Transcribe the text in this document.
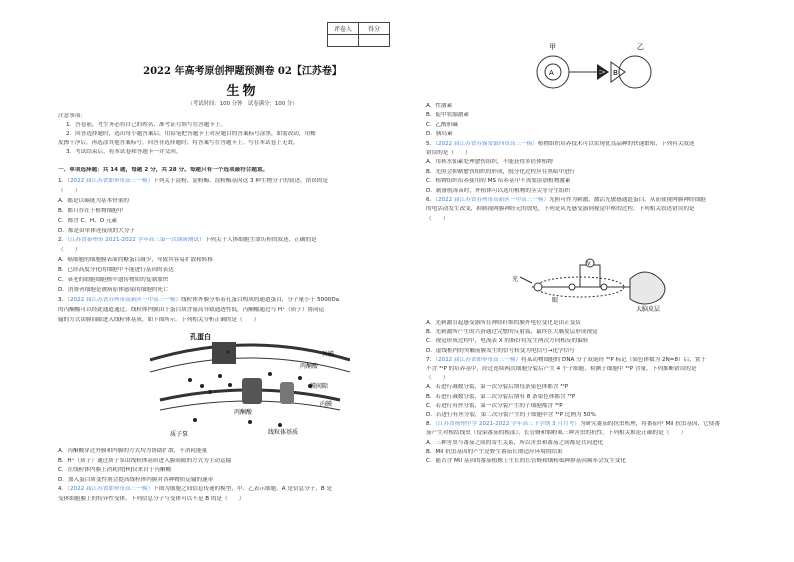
评卷人	得分

2022 年高考原创押题预测卷 02【江苏卷】
生物
（考试时间：100 分钟　试卷满分：100 分）
注意事项：
1．答卷前，考生务必将自己的姓名、准考证号填写在答题卡上。
2．回答选择题时，选出每小题答案后，用铅笔把答题卡上对应题目的答案标号涂黑。如需改动，用橡
皮擦干净后，再选涂其他答案标号。回答非选择题时，将答案写在答题卡上。写在本试卷上无效。
3．考试结束后，将本试卷和答题卡一并交回。
一、单项选择题：共 14 题，每题 2 分，共 28 分。每题只有一个选项最符合题意。
1．（2022 届江苏省如皋市高三一模）下列关于淀粉、淀粉酶、淀粉酶基因这 3 种生物分子的叙述，错误的是
（　　）
A．都是以碳链为基本骨架的
B．都只存在于植物细胞中
C．都含 C、H、O 元素
D．都是由单体连接成的大分子
2．（江苏省泰州市 2021-2022 学年高三第一次调研测试）下列关于人体细胞生命历程的叙述，正确的是
（　　）
A．癌细胞的细胞膜表面的糖蛋白减少，导致其容易扩散和转移
B．已经高度分化的细胞中不能进行基因的表达
C．衰老的细胞细胞核中遗传物质的复制加快
D．消费者细胞是被病原体感染的细胞的死亡
3．（2022 届江苏省苏州市高新区一中高三一模）线粒体外膜分布着孔蛋白构成的通道蛋白，分子量小于 5000Da
的丙酮酸可以经此通道通过。线粒体内膜由于蛋白质含量高导致通透性低，丙酮酸通过与 H⁺（质子）协同运
输的方式由膜间隙进入线粒体基质，如下图所示。下列相关分析正确的是（　　）
孔蛋白
外膜
丙酮酸
膜间隙
内膜
质子泵
丙酮酸
线粒体基质
A．丙酮酸穿过外膜和内膜的方式均为协助扩散，不消耗能量
B．H⁺（质子）通过质子泵由线粒体基质进入膜间隙的方式为主动运输
C．在线粒体内膜上消耗的[H]仅来自于丙酮酸
D．加入蛋白质变性剂会提高线粒体内膜对各种物质运输的速率
4．（2022 届江苏省如皋市高三一模）下图为细胞之间信息传递的模型，甲、乙表示细胞，A 是信息分子，B 是
受体细胞膜上的特异性受体。下列信息分子与受体可以不是 B 的是（　　）
甲	乙
A	B
A．性激素
B．促甲状腺激素
C．乙酰胆碱
D．胰岛素
5．（2022 届江苏省苏锡常镇四市高三一模）植物组织培养技术可以实现优良品种的快速繁殖，下列有关叙述
错误的是（　　）
A．用秋水仙素处理愈伤组织，不能获得多倍体植物
B．光照会抑制愈伤组织的形成，脱分化过程应在黑暗中进行
C．植物组织培养使用的 MS 培养基中不需要添加植物激素
D．制备脱毒苗时，外植体可以选用植物的茎尖等分生组织
6．（2022 届江苏省苏州市高新区一中高三一模）光照可作为刺激，激活光敏感通道蛋白。从而使视网膜神经细胞
的电活动发生改变，抑制视网膜神经元的放电。下列是从光感受器到视觉中枢的过程，下列相关叙述错误的是
（　　）
光
眼
V
大脑皮层
A．光刺激引起感受器所在神经纤维的膜外电位变化是由正变负
B．光刺激所产生的兴奋通过完整的反射弧，最终在大脑皮层形成视觉
C．视觉形成过程中，电流表 X 的指针将发生两次方向相反的偏转
D．虚线框内的突触前膜发生的信号转变为电信号→化学信号
7．（2022 届江苏省如皋市高三一模）将某动物细胞的 DNA 分子双链经 ³²P 标记（染色体数为 2N=8）后，置于
不含 ³²P 的培养基中，经过连续两次细胞分裂后产生 4 个子细胞，检测子细胞中 ³²P 含量。下列推断错误的是
（　　）
A．若进行减数分裂，第一次分裂后期每条染色体都含 ³²P
B．若进行减数分裂，第二次分裂后期有 8 条染色体都含 ³²P
C．若进行有丝分裂，第一次分裂产生的子细胞都含 ³²P
D．若进行有丝分裂，第二次分裂产生的子细胞中含 ³²P 比例为 50%
8．（江苏省扬州中学 2021-2022 学年高三下学期 3 月月考）为研究番茄的抗虫机理，将番茄中 Mil 抗虫基因，它使番
茄产生对根结线虫（侵染番茄的根部）、长管蚜和烟粉虱三种害虫的抗性。下列相关推论正确的是（　　）
A．三种害虫与番茄之间的寄生关系，所以害虫和番茄之间都是共同进化
B．Mil 抗虫基因的产生是野生番茄长期适应环境的结果
C．能否含 Mil 基因的番茄植株上生长的长管蚜和烟粉虱种群基因频率会发生变化
